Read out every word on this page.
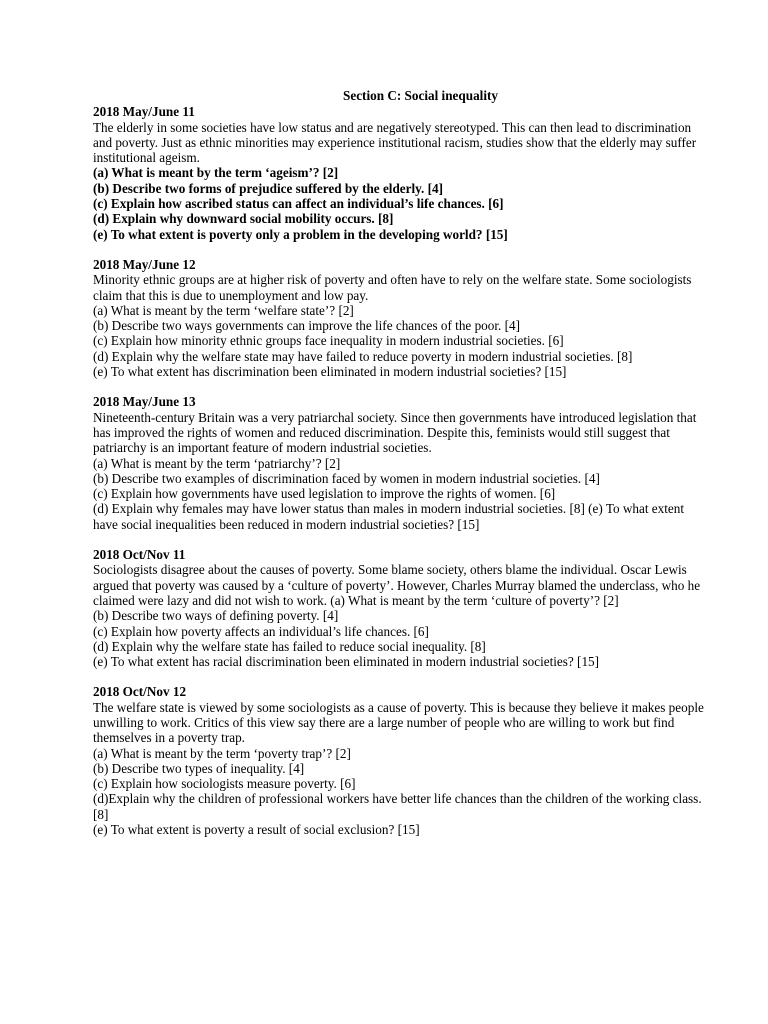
Section C: Social inequality
2018 May/June 11
The elderly in some societies have low status and are negatively stereotyped. This can then lead to discrimination and poverty. Just as ethnic minorities may experience institutional racism, studies show that the elderly may suffer institutional ageism.
(a) What is meant by the term ‘ageism’? [2]
(b) Describe two forms of prejudice suffered by the elderly. [4]
(c) Explain how ascribed status can affect an individual’s life chances. [6]
(d) Explain why downward social mobility occurs. [8]
(e) To what extent is poverty only a problem in the developing world? [15]
2018 May/June 12
Minority ethnic groups are at higher risk of poverty and often have to rely on the welfare state. Some sociologists claim that this is due to unemployment and low pay.
(a) What is meant by the term ‘welfare state’? [2]
(b) Describe two ways governments can improve the life chances of the poor. [4]
(c) Explain how minority ethnic groups face inequality in modern industrial societies. [6]
(d) Explain why the welfare state may have failed to reduce poverty in modern industrial societies. [8]
(e) To what extent has discrimination been eliminated in modern industrial societies? [15]
2018 May/June 13
Nineteenth-century Britain was a very patriarchal society. Since then governments have introduced legislation that has improved the rights of women and reduced discrimination. Despite this, feminists would still suggest that patriarchy is an important feature of modern industrial societies.
(a) What is meant by the term ‘patriarchy’? [2]
(b) Describe two examples of discrimination faced by women in modern industrial societies. [4]
(c) Explain how governments have used legislation to improve the rights of women. [6]
(d) Explain why females may have lower status than males in modern industrial societies. [8] (e) To what extent have social inequalities been reduced in modern industrial societies? [15]
2018 Oct/Nov 11
Sociologists disagree about the causes of poverty. Some blame society, others blame the individual. Oscar Lewis argued that poverty was caused by a ‘culture of poverty’. However, Charles Murray blamed the underclass, who he claimed were lazy and did not wish to work. (a) What is meant by the term ‘culture of poverty’? [2]
(b) Describe two ways of defining poverty. [4]
(c) Explain how poverty affects an individual’s life chances. [6]
(d) Explain why the welfare state has failed to reduce social inequality. [8]
(e) To what extent has racial discrimination been eliminated in modern industrial societies? [15]
2018 Oct/Nov 12
The welfare state is viewed by some sociologists as a cause of poverty. This is because they believe it makes people unwilling to work. Critics of this view say there are a large number of people who are willing to work but find themselves in a poverty trap.
(a) What is meant by the term ‘poverty trap’? [2]
(b) Describe two types of inequality. [4]
(c) Explain how sociologists measure poverty. [6]
(d)Explain why the children of professional workers have better life chances than the children of the working class. [8]
(e) To what extent is poverty a result of social exclusion? [15]
